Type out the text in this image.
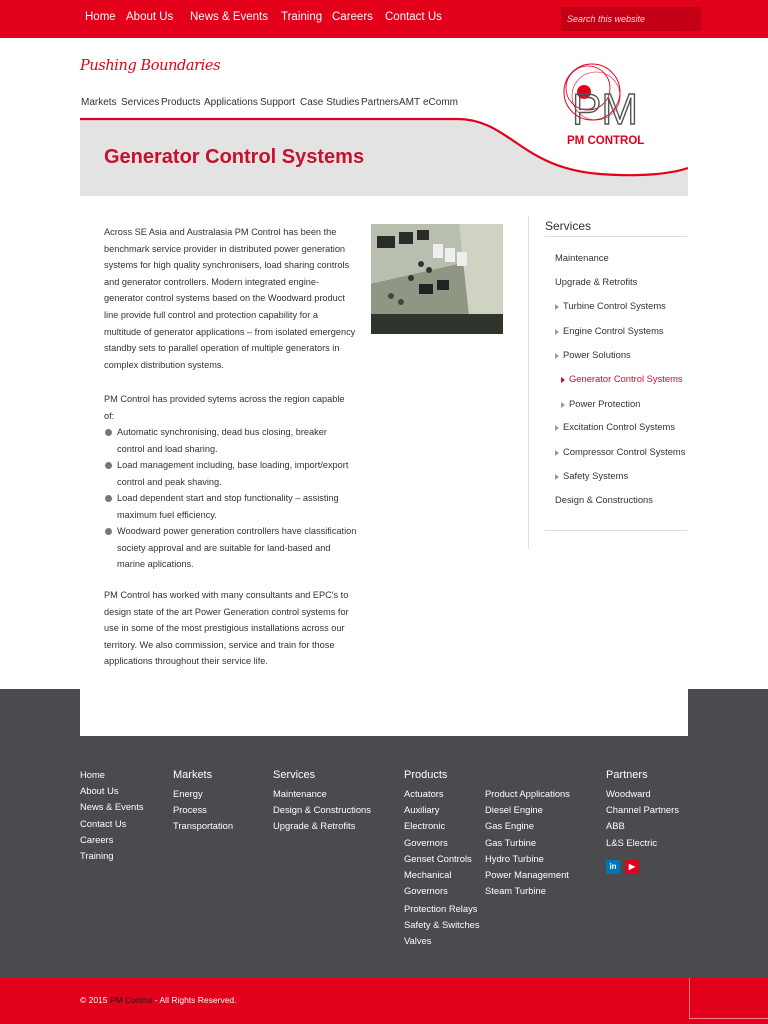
Home About Us News & Events Training Careers Contact Us
Search this website
Pushing Boundaries
Markets Services Products Applications Support Case Studies Partners AMT eComm
Generator Control Systems
PM
PM CONTROL
Across SE Asia and Australasia PM Control has been the benchmark service provider in distributed power generation systems for high quality synchronisers, load sharing controls and generator controllers. Modern integrated engine-generator control systems based on the Woodward product line provide full control and protection capability for a multitude of generator applications – from isolated emergency standby sets to parallel operation of multiple generators in complex distribution systems.
PM Control has provided sytems across the region capable of:
Automatic synchronising, dead bus closing, breaker control and load sharing.
Load management including, base loading, import/export control and peak shaving.
Load dependent start and stop functionality – assisting maximum fuel efficiency.
Woodward power generation controllers have classification society approval and are suitable for land-based and marine aplications.
PM Control has worked with many consultants and EPC's to design state of the art Power Generation control systems for use in some of the most prestigious installations across our territory. We also commission, service and train for those applications throughout their service life.
Services
Maintenance
Upgrade & Retrofits
Turbine Control Systems
Engine Control Systems
Power Solutions
Generator Control Systems
Power Protection
Excitation Control Systems
Compressor Control Systems
Safety Systems
Design & Constructions
Home
About Us
News & Events
Contact Us
Careers
Training
Markets
Energy
Process
Transportation
Services
Maintenance
Design & Constructions
Upgrade & Retrofits
Products
Actuators
Auxiliary
Electronic
Governors
Genset Controls
Mechanical
Governors
Protection Relays
Safety & Switches
Valves
Product Applications
Diesel Engine
Gas Engine
Gas Turbine
Hydro Turbine
Power Management
Steam Turbine
Partners
Woodward
Channel Partners
ABB
L&S Electric
in	▶
© 2015 PM Control - All Rights Reserved.
